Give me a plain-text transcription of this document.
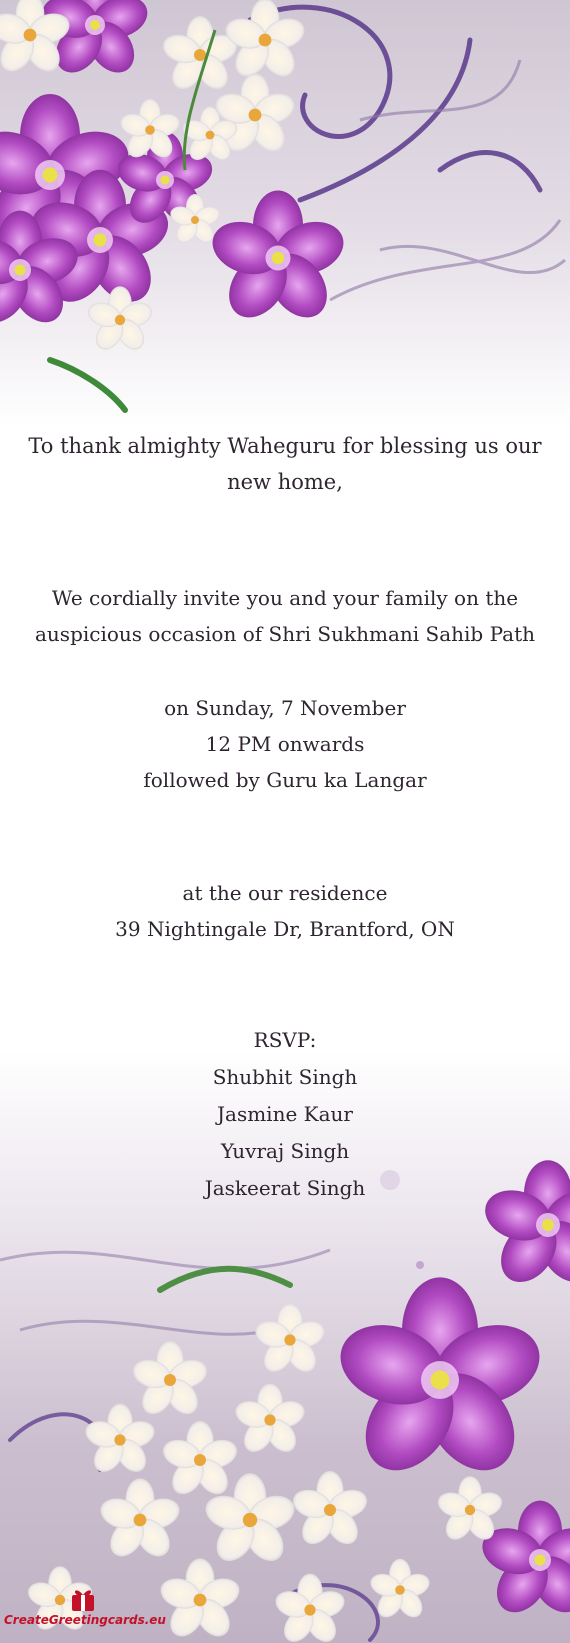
To thank almighty Waheguru for blessing us our
new home,
We cordially invite you and your family on the
auspicious occasion of Shri Sukhmani Sahib Path
on Sunday, 7 November
12 PM onwards
followed by Guru ka Langar
at the our residence
39 Nightingale Dr, Brantford, ON
RSVP:
Shubhit Singh
Jasmine Kaur
Yuvraj Singh
Jaskeerat Singh
CreateGreetingcards.eu
